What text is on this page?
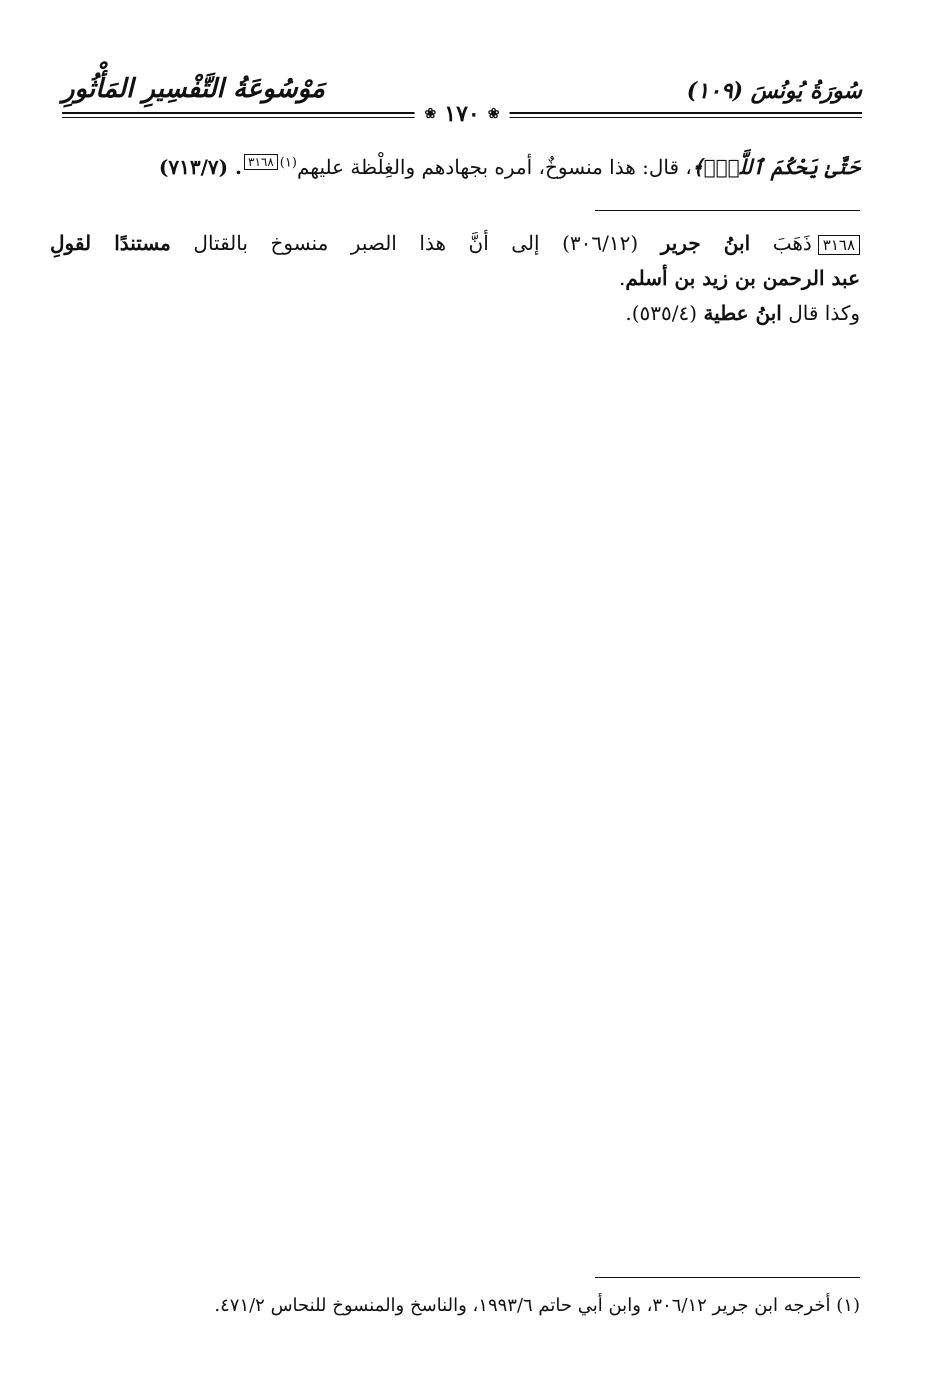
سُورَةُ يُونُسَ (١٠٩)
مَوْسُوعَةُ التَّفْسِيرِ المَأْثُورِ
❀
١٧٠
❀
حَتَّىٰ يَحْكُمَ ٱللَّهُۚ﴾، قال: هذا منسوخٌ، أمره بجهادهم والغِلْظة عليهم$^{(١)}$٣١٦٨. (٧١٣/٧)
٣١٦٨ذَهَبَ ابنُ جرير (٣٠٦/١٢) إلى أنَّ هذا الصبر منسوخ بالقتال مستندًا لقولِ
عبد الرحمن بن زيد بن أسلم.
وكذا قال ابنُ عطية (٥٣٥/٤).
(١) أخرجه ابن جرير ٣٠٦/١٢، وابن أبي حاتم ١٩٩٣/٦، والناسخ والمنسوخ للنحاس ٤٧١/٢.
